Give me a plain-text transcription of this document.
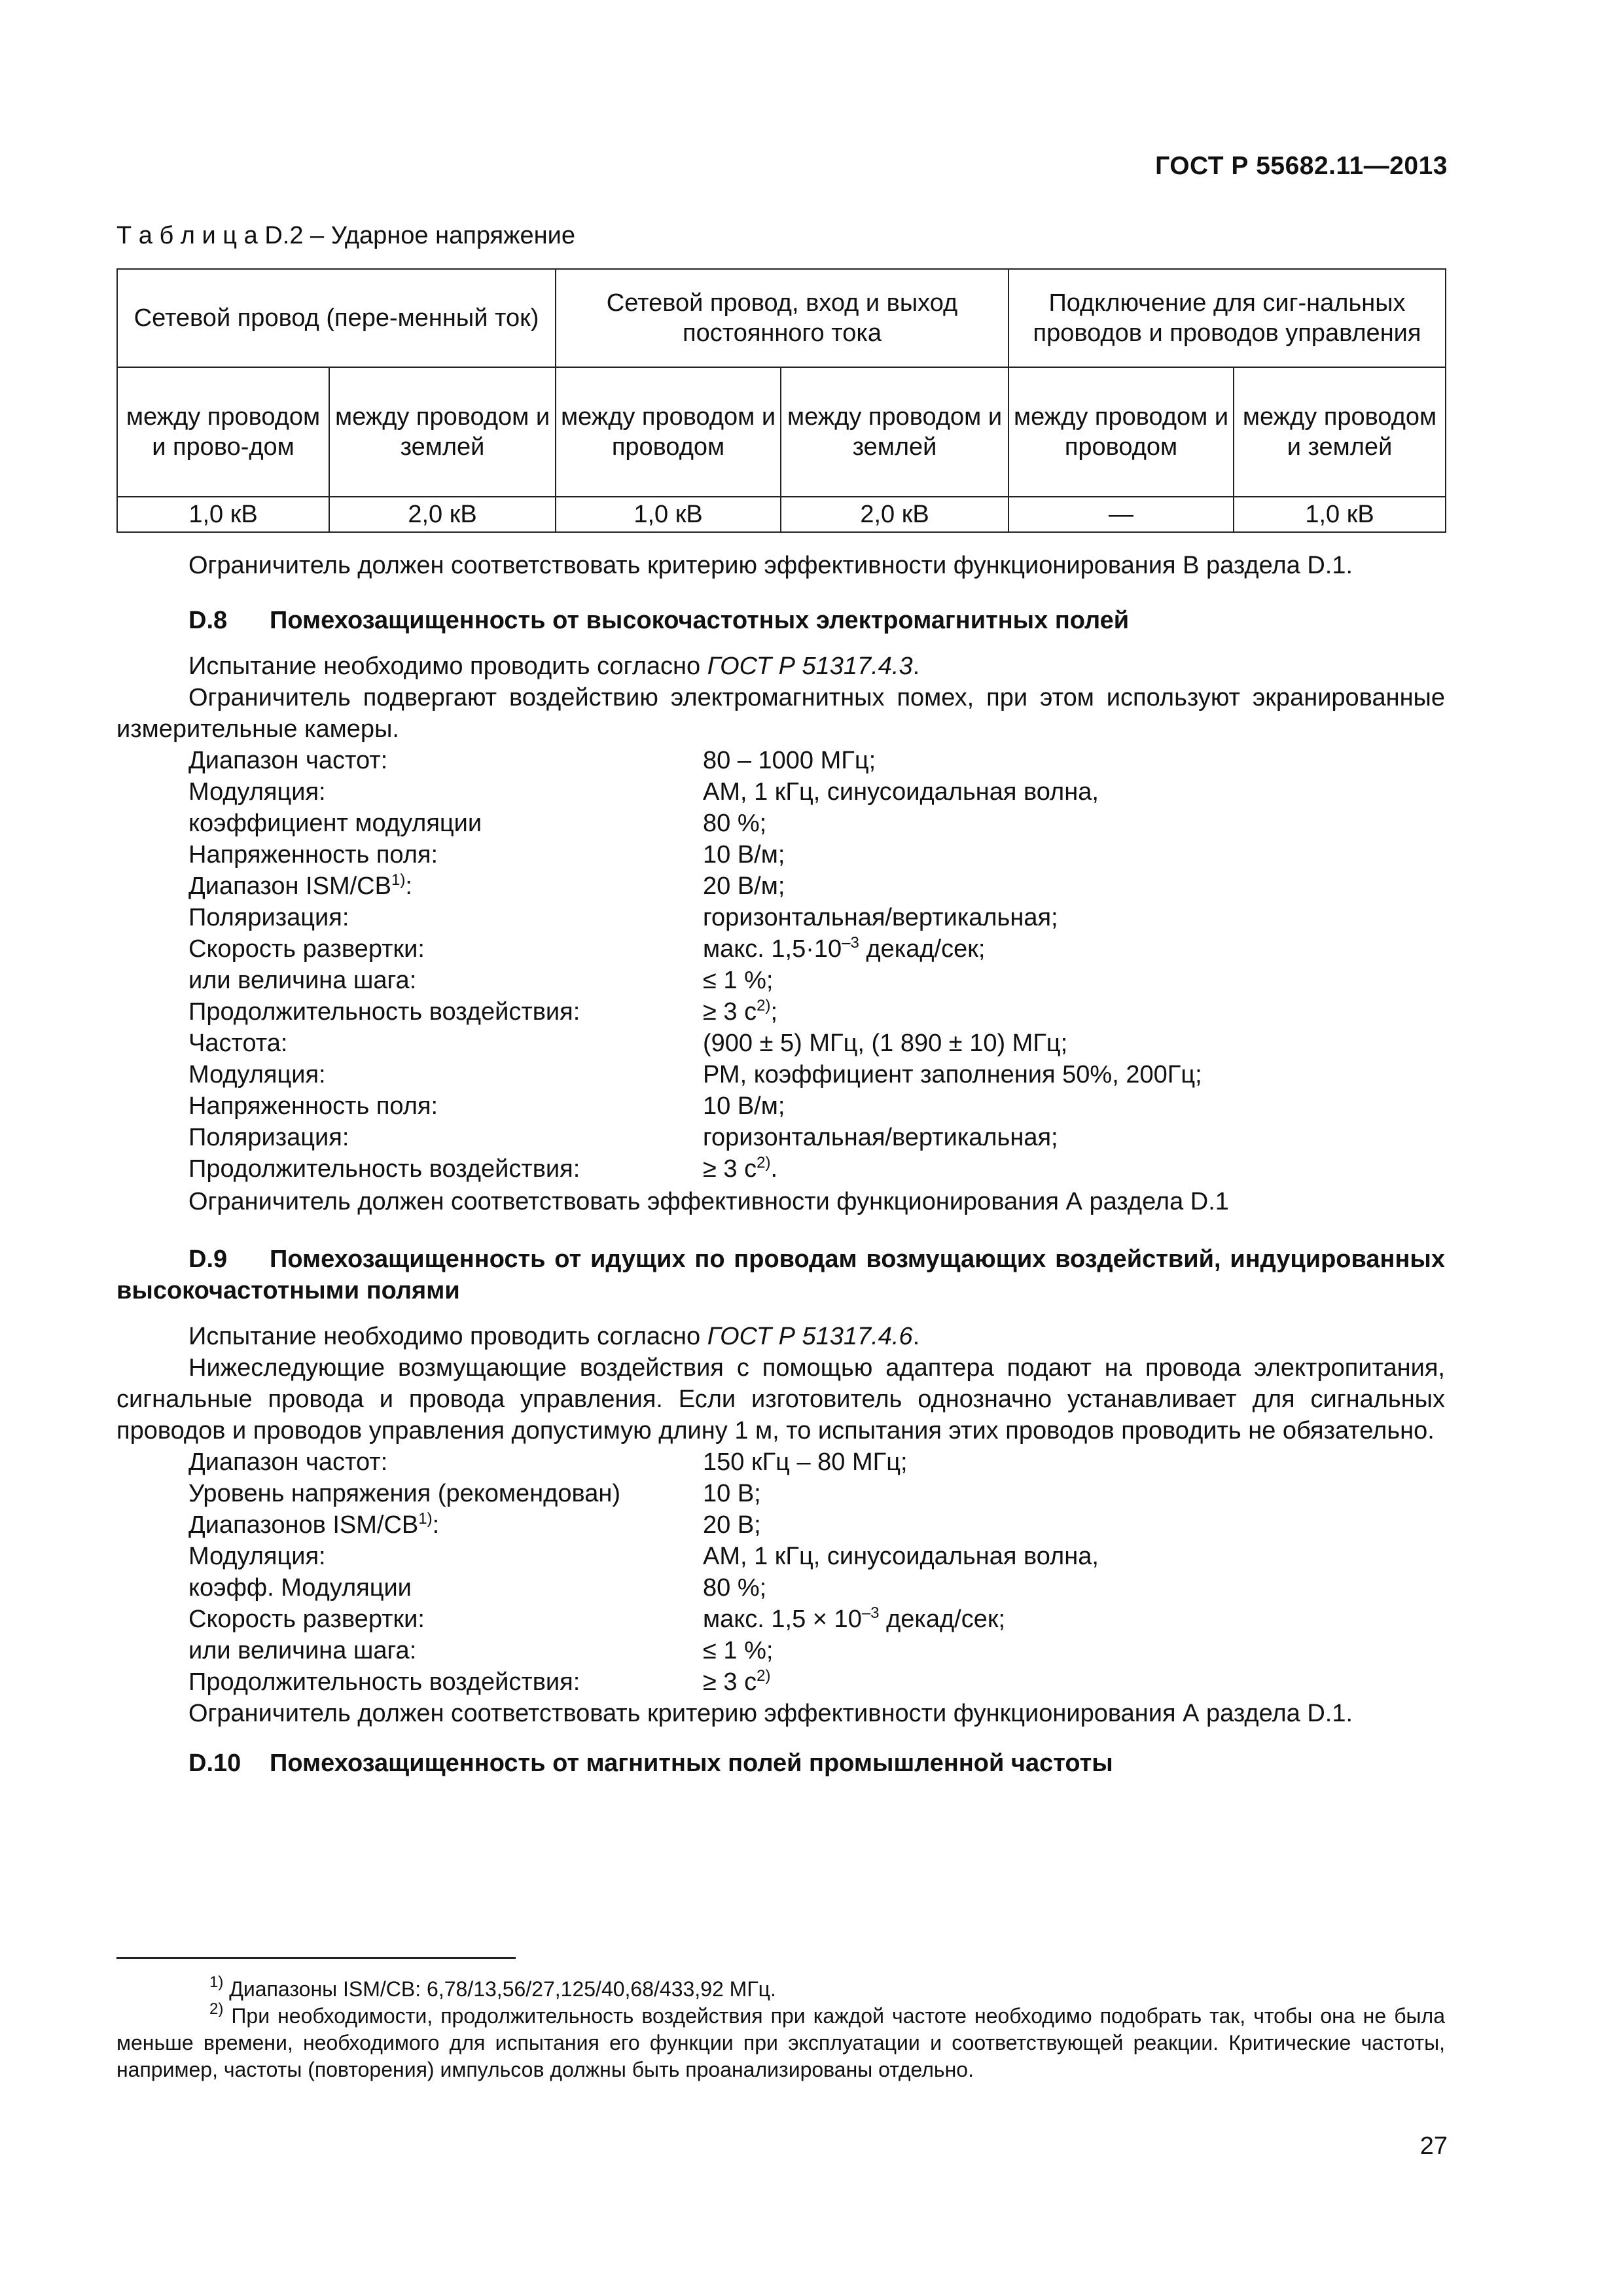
ГОСТ Р 55682.11—2013

Т а б л и ц а D.2 – Ударное напряжение

Сетевой провод (пере-менный ток)		Сетевой провод, вход и выход постоянного тока		Подключение для сиг-нальных проводов и проводов управления	
между проводом и прово-дом	между проводом и землей	между проводом и проводом	между проводом и землей	между проводом и проводом	между проводом и землей
1,0 кВ	2,0 кВ	1,0 кВ	2,0 кВ	—	1,0 кВ

Ограничитель должен соответствовать критерию эффективности функционирования В раздела D.1.

D.8 Помехозащищенность от высокочастотных электромагнитных полей

Испытание необходимо проводить согласно ГОСТ Р 51317.4.3.

Ограничитель подвергают воздействию электромагнитных помех, при этом используют экранированные измерительные камеры.

Диапазон частот:	80 – 1000 МГц;
Модуляция:	АМ, 1 кГц, синусоидальная волна,
коэффициент модуляции	80 %;
Напряженность поля:	10 В/м;
Диапазон ISM/CB$^{1)}$:	20 В/м;
Поляризация:	горизонтальная/вертикальная;
Скорость развертки:	макс. $1,5\cdot 10^{-3}$ декад/сек;
или величина шага:	≤ 1 %;
Продолжительность воздействия:	≥ 3 $с^{2)}$;
Частота:	(900 ± 5) МГц, (1 890 ± 10) МГц;
Модуляция:	РМ, коэффициент заполнения 50%, 200Гц;
Напряженность поля:	10 В/м;
Поляризация:	горизонтальная/вертикальная;
Продолжительность воздействия:	≥ 3 $с^{2)}$.

Ограничитель должен соответствовать эффективности функционирования А раздела D.1

D.9 Помехозащищенность от идущих по проводам возмущающих воздействий, индуцированных высокочастотными полями

Испытание необходимо проводить согласно ГОСТ Р 51317.4.6.

Нижеследующие возмущающие воздействия с помощью адаптера подают на провода электропитания, сигнальные провода и провода управления. Если изготовитель однозначно устанавливает для сигнальных проводов и проводов управления допустимую длину 1 м, то испытания этих проводов проводить не обязательно.

Диапазон частот:	150 кГц – 80 МГц;
Уровень напряжения (рекомендован)	10 В;
Диапазонов ISM/CB$^{1)}$:	20 В;
Модуляция:	АМ, 1 кГц, синусоидальная волна,
коэфф. Модуляции	80 %;
Скорость развертки:	макс. $1,5 \times 10^{-3}$ декад/сек;
или величина шага:	≤ 1 %;
Продолжительность воздействия:	≥ 3 $с^{2)}$

Ограничитель должен соответствовать критерию эффективности функционирования А раздела D.1.

D.10 Помехозащищенность от магнитных полей промышленной частоты

$^{1)}$ Диапазоны ISM/CB: 6,78/13,56/27,125/40,68/433,92 МГц.

$^{2)}$ При необходимости, продолжительность воздействия при каждой частоте необходимо подобрать так, чтобы она не была меньше времени, необходимого для испытания его функции при эксплуатации и соответствующей реакции. Критические частоты, например, частоты (повторения) импульсов должны быть проанализированы отдельно.

27
